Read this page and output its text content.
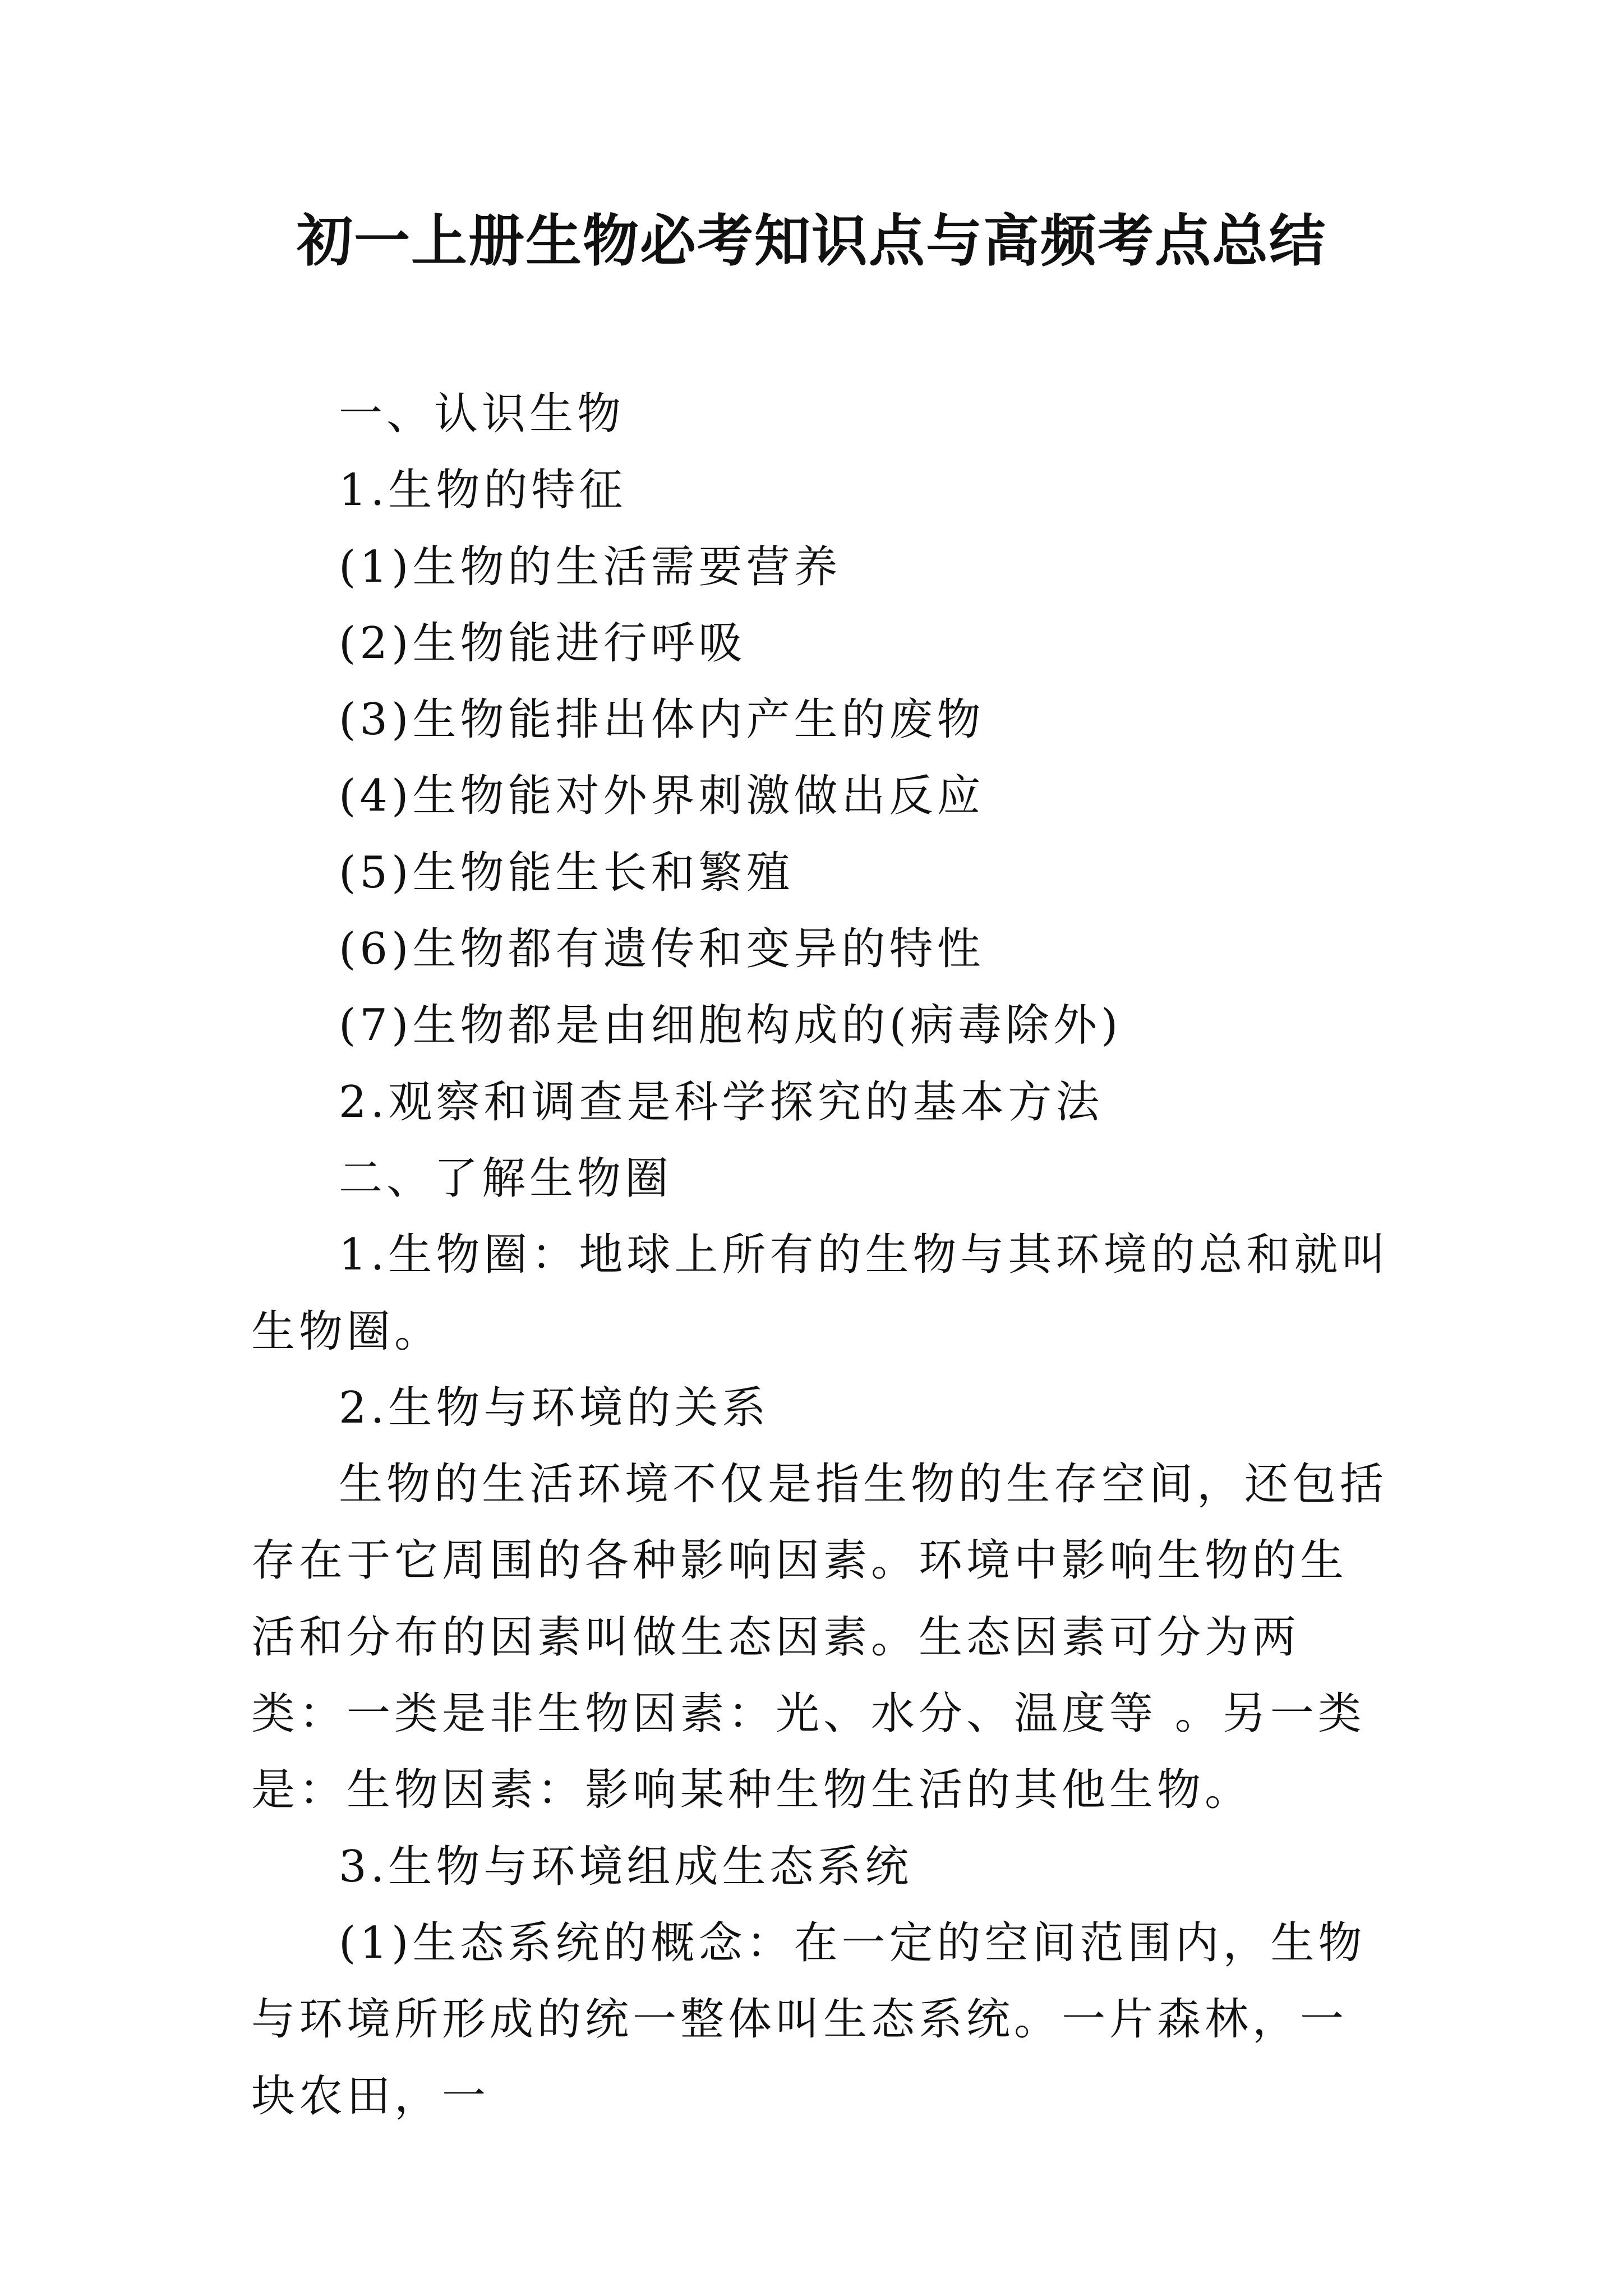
初一上册生物必考知识点与高频考点总结

一、认识生物

1.生物的特征

(1)生物的生活需要营养

(2)生物能进行呼吸

(3)生物能排出体内产生的废物

(4)生物能对外界刺激做出反应

(5)生物能生长和繁殖

(6)生物都有遗传和变异的特性

(7)生物都是由细胞构成的(病毒除外)

2.观察和调查是科学探究的基本方法

二、了解生物圈

1.生物圈：地球上所有的生物与其环境的总和就叫生物圈。

2.生物与环境的关系

生物的生活环境不仅是指生物的生存空间，还包括存在于它周围的各种影响因素。环境中影响生物的生活和分布的因素叫做生态因素。生态因素可分为两类：一类是非生物因素：光、水分、温度等 。另一类是：生物因素：影响某种生物生活的其他生物。

3.生物与环境组成生态系统

(1)生态系统的概念：在一定的空间范围内，生物与环境所形成的统一整体叫生态系统。一片森林，一块农田，一
